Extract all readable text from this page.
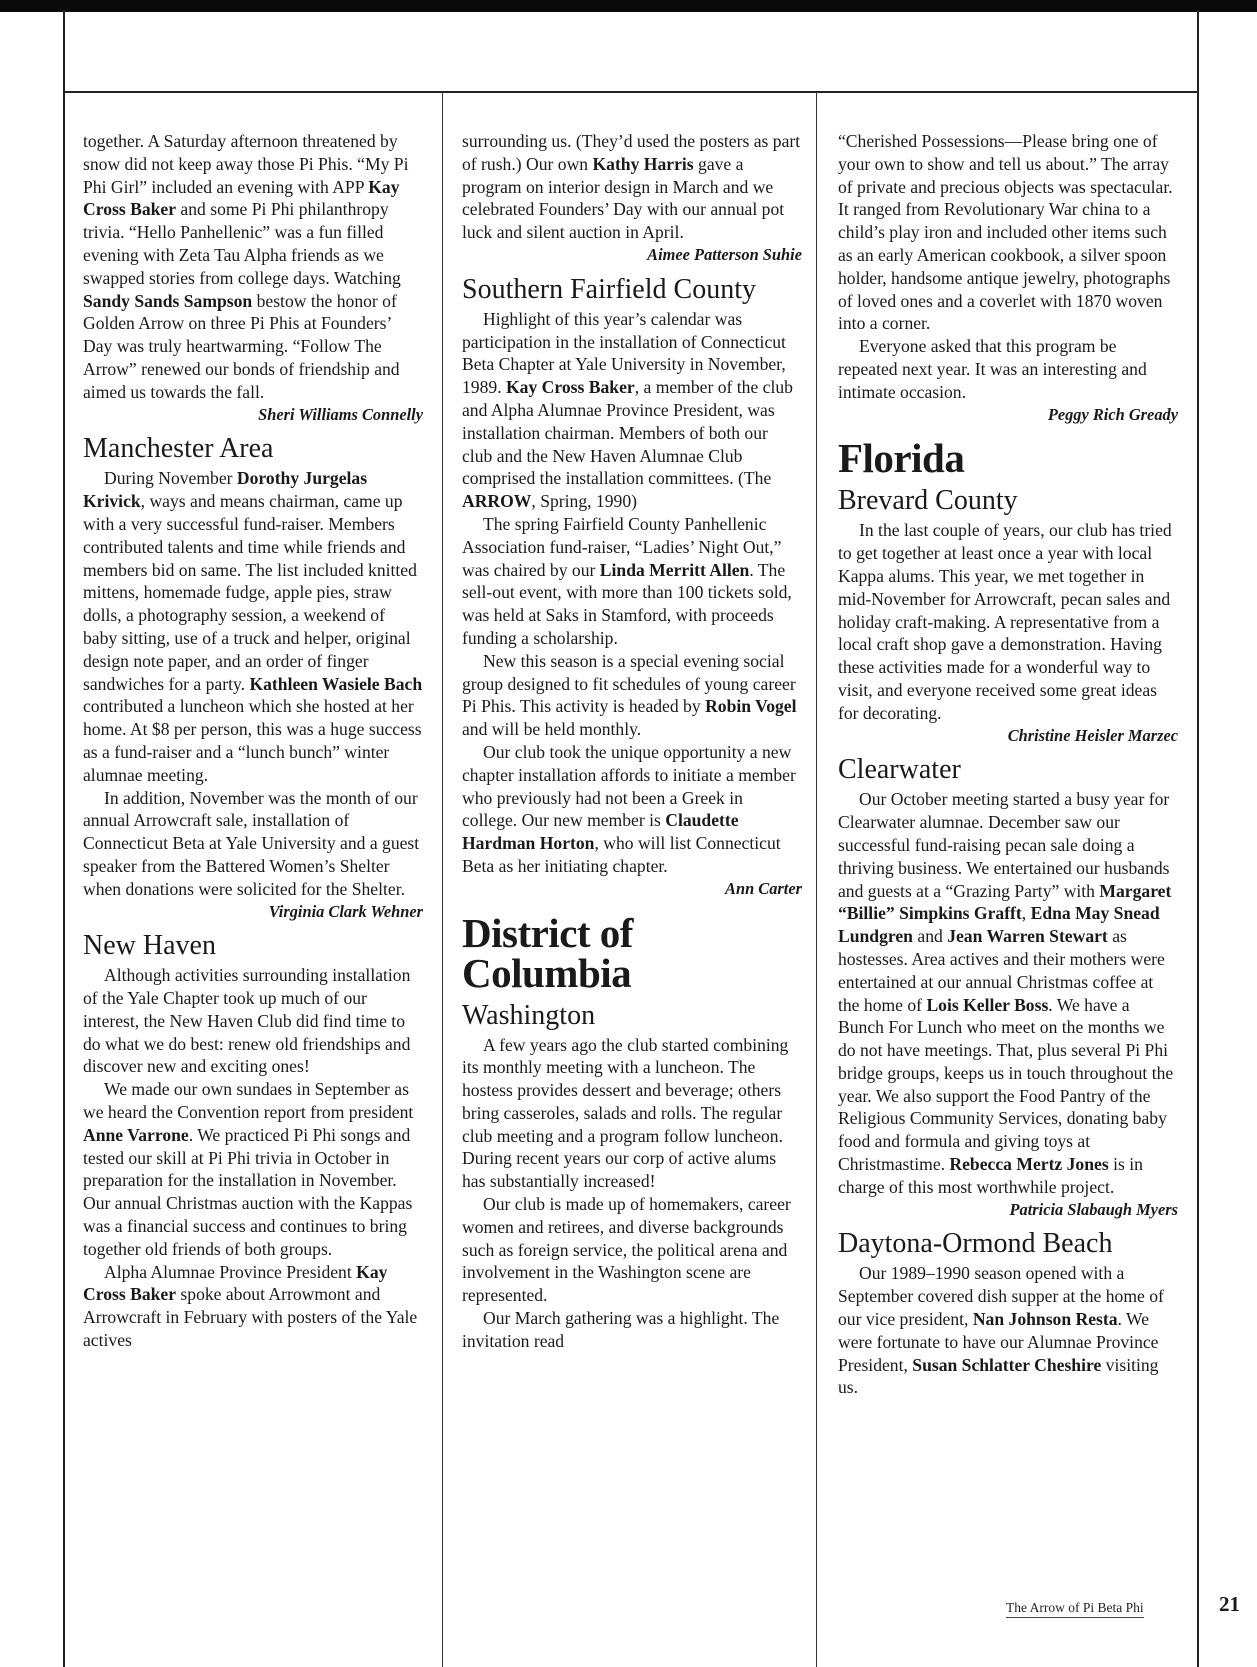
together. A Saturday afternoon threatened by snow did not keep away those Pi Phis. “My Pi Phi Girl” included an evening with APP Kay Cross Baker and some Pi Phi philanthropy trivia. “Hello Panhellenic” was a fun filled evening with Zeta Tau Alpha friends as we swapped stories from college days. Watching Sandy Sands Sampson bestow the honor of Golden Arrow on three Pi Phis at Founders’ Day was truly heartwarming. “Follow The Arrow” renewed our bonds of friendship and aimed us towards the fall.

Sheri Williams Connelly

Manchester Area

During November Dorothy Jurgelas Krivick, ways and means chairman, came up with a very successful fund-raiser. Members contributed talents and time while friends and members bid on same. The list included knitted mittens, homemade fudge, apple pies, straw dolls, a photography session, a weekend of baby sitting, use of a truck and helper, original design note paper, and an order of finger sandwiches for a party. Kathleen Wasiele Bach contributed a luncheon which she hosted at her home. At $8 per person, this was a huge success as a fund-raiser and a “lunch bunch” winter alumnae meeting.

In addition, November was the month of our annual Arrowcraft sale, installation of Connecticut Beta at Yale University and a guest speaker from the Battered Women’s Shelter when donations were solicited for the Shelter.

Virginia Clark Wehner

New Haven

Although activities surrounding installation of the Yale Chapter took up much of our interest, the New Haven Club did find time to do what we do best: renew old friendships and discover new and exciting ones!

We made our own sundaes in September as we heard the Convention report from president Anne Varrone. We practiced Pi Phi songs and tested our skill at Pi Phi trivia in October in preparation for the installation in November. Our annual Christmas auction with the Kappas was a financial success and continues to bring together old friends of both groups.

Alpha Alumnae Province President Kay Cross Baker spoke about Arrowmont and Arrowcraft in February with posters of the Yale actives

surrounding us. (They’d used the posters as part of rush.) Our own Kathy Harris gave a program on interior design in March and we celebrated Founders’ Day with our annual pot luck and silent auction in April.

Aimee Patterson Suhie

Southern Fairfield County

Highlight of this year’s calendar was participation in the installation of Connecticut Beta Chapter at Yale University in November, 1989. Kay Cross Baker, a member of the club and Alpha Alumnae Province President, was installation chairman. Members of both our club and the New Haven Alumnae Club comprised the installation committees. (The ARROW, Spring, 1990)

The spring Fairfield County Panhellenic Association fund-raiser, “Ladies’ Night Out,” was chaired by our Linda Merritt Allen. The sell-out event, with more than 100 tickets sold, was held at Saks in Stamford, with proceeds funding a scholarship.

New this season is a special evening social group designed to fit schedules of young career Pi Phis. This activity is headed by Robin Vogel and will be held monthly.

Our club took the unique opportunity a new chapter installation affords to initiate a member who previously had not been a Greek in college. Our new member is Claudette Hardman Horton, who will list Connecticut Beta as her initiating chapter.

Ann Carter

District of Columbia
Washington

A few years ago the club started combining its monthly meeting with a luncheon. The hostess provides dessert and beverage; others bring casseroles, salads and rolls. The regular club meeting and a program follow luncheon. During recent years our corp of active alums has substantially increased!

Our club is made up of homemakers, career women and retirees, and diverse backgrounds such as foreign service, the political arena and involvement in the Washington scene are represented.

Our March gathering was a highlight. The invitation read

“Cherished Possessions—Please bring one of your own to show and tell us about.” The array of private and precious objects was spectacular. It ranged from Revolutionary War china to a child’s play iron and included other items such as an early American cookbook, a silver spoon holder, handsome antique jewelry, photographs of loved ones and a coverlet with 1870 woven into a corner.

Everyone asked that this program be repeated next year. It was an interesting and intimate occasion.

Peggy Rich Gready

Florida
Brevard County

In the last couple of years, our club has tried to get together at least once a year with local Kappa alums. This year, we met together in mid-November for Arrowcraft, pecan sales and holiday craft-making. A representative from a local craft shop gave a demonstration. Having these activities made for a wonderful way to visit, and everyone received some great ideas for decorating.

Christine Heisler Marzec

Clearwater

Our October meeting started a busy year for Clearwater alumnae. December saw our successful fund-raising pecan sale doing a thriving business. We entertained our husbands and guests at a “Grazing Party” with Margaret “Billie” Simpkins Grafft, Edna May Snead Lundgren and Jean Warren Stewart as hostesses. Area actives and their mothers were entertained at our annual Christmas coffee at the home of Lois Keller Boss. We have a Bunch For Lunch who meet on the months we do not have meetings. That, plus several Pi Phi bridge groups, keeps us in touch throughout the year. We also support the Food Pantry of the Religious Community Services, donating baby food and formula and giving toys at Christmastime. Rebecca Mertz Jones is in charge of this most worthwhile project.

Patricia Slabaugh Myers

Daytona-Ormond Beach

Our 1989–1990 season opened with a September covered dish supper at the home of our vice president, Nan Johnson Resta. We were fortunate to have our Alumnae Province President, Susan Schlatter Cheshire visiting us.

The Arrow of Pi Beta Phi	21
